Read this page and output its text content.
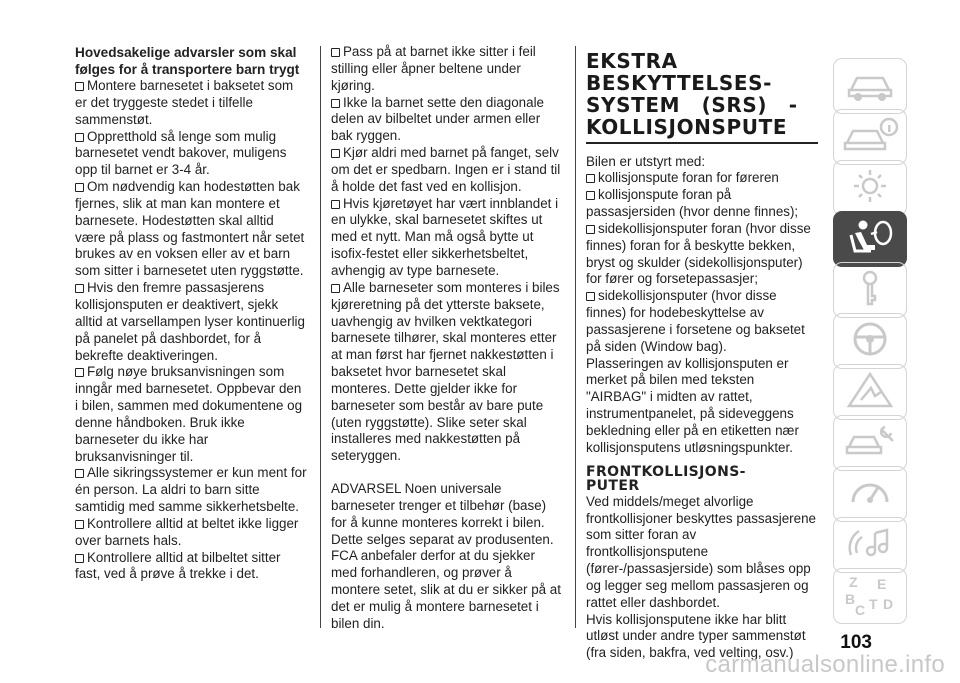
Hovedsakelige advarsler som skal følges for å transportere barn trygt

Montere barnesetet i baksetet som er det tryggeste stedet i tilfelle sammenstøt.

Oppretthold så lenge som mulig barnesetet vendt bakover, muligens opp til barnet er 3-4 år.

Om nødvendig kan hodestøtten bak fjernes, slik at man kan montere et barnesete. Hodestøtten skal alltid være på plass og fastmontert når setet brukes av en voksen eller av et barn som sitter i barnesetet uten ryggstøtte.

Hvis den fremre passasjerens kollisjonsputen er deaktivert, sjekk alltid at varsellampen lyser kontinuerlig på panelet på dashbordet, for å bekrefte deaktiveringen.

Følg nøye bruksanvisningen som inngår med barnesetet. Oppbevar den i bilen, sammen med dokumentene og denne håndboken. Bruk ikke barneseter du ikke har bruksanvisninger til.

Alle sikringssystemer er kun ment for én person. La aldri to barn sitte samtidig med samme sikkerhetsbelte.

Kontrollere alltid at beltet ikke ligger over barnets hals.

Kontrollere alltid at bilbeltet sitter fast, ved å prøve å trekke i det.

Pass på at barnet ikke sitter i feil stilling eller åpner beltene under kjøring.

Ikke la barnet sette den diagonale delen av bilbeltet under armen eller bak ryggen.

Kjør aldri med barnet på fanget, selv om det er spedbarn. Ingen er i stand til å holde det fast ved en kollisjon.

Hvis kjøretøyet har vært innblandet i en ulykke, skal barnesetet skiftes ut med et nytt. Man må også bytte ut isofix-festet eller sikkerhetsbeltet, avhengig av type barnesete.

Alle barneseter som monteres i biles kjøreretning på det ytterste baksete, uavhengig av hvilken vektkategori barnesete tilhører, skal monteres etter at man først har fjernet nakkestøtten i baksetet hvor barnesetet skal monteres. Dette gjelder ikke for barneseter som består av bare pute (uten ryggstøtte). Slike seter skal installeres med nakkestøtten på seteryggen.

ADVARSEL Noen universale barneseter trenger et tilbehør (base) for å kunne monteres korrekt i bilen. Dette selges separat av produsenten. FCA anbefaler derfor at du sjekker med forhandleren, og prøver å montere setet, slik at du er sikker på at det er mulig å montere barnesetet i bilen din.

EKSTRA
BESKYTTELSES-
SYSTEM (SRS) -
KOLLISJONSPUTE

Bilen er utstyrt med:

kollisjonspute foran for føreren

kollisjonspute foran på passasjersiden (hvor denne finnes);

sidekollisjonsputer foran (hvor disse finnes) foran for å beskytte bekken, bryst og skulder (sidekollisjonsputer) for fører og forsetepassasjer;

sidekollisjonsputer (hvor disse finnes) for hodebeskyttelse av passasjerene i forsetene og baksetet på siden (Window bag).

Plasseringen av kollisjonsputen er merket på bilen med teksten "AIRBAG" i midten av rattet, instrumentpanelet, på sideveggens bekledning eller på en etiketten nær kollisjonsputens utløsningspunkter.

FRONTKOLLISJONS-
PUTER

Ved middels/meget alvorlige frontkollisjoner beskyttes passasjerene som sitter foran av frontkollisjonsputene (fører-/passasjerside) som blåses opp og legger seg mellom passasjeren og rattet eller dashbordet.

Hvis kollisjonsputene ikke har blitt utløst under andre typer sammenstøt (fra siden, bakfra, ved velting, osv.)

Z E
B
C T D
103
carmanualsonline.info
